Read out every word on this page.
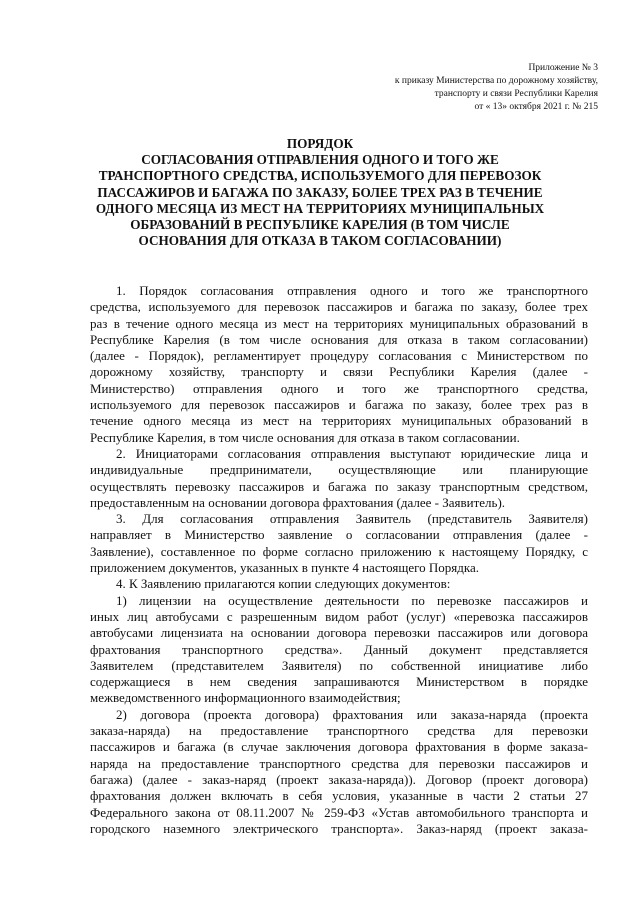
Приложение № 3
к приказу Министерства по дорожному хозяйству,
транспорту и связи Республики Карелия
от « 13» октября 2021 г. № 215
ПОРЯДОК
СОГЛАСОВАНИЯ ОТПРАВЛЕНИЯ ОДНОГО И ТОГО ЖЕ
ТРАНСПОРТНОГО СРЕДСТВА, ИСПОЛЬЗУЕМОГО ДЛЯ ПЕРЕВОЗОК
ПАССАЖИРОВ И БАГАЖА ПО ЗАКАЗУ, БОЛЕЕ ТРЕХ РАЗ В ТЕЧЕНИЕ
ОДНОГО МЕСЯЦА ИЗ МЕСТ НА ТЕРРИТОРИЯХ МУНИЦИПАЛЬНЫХ
ОБРАЗОВАНИЙ В РЕСПУБЛИКЕ КАРЕЛИЯ (В ТОМ ЧИСЛЕ
ОСНОВАНИЯ ДЛЯ ОТКАЗА В ТАКОМ СОГЛАСОВАНИИ)
1. Порядок согласования отправления одного и того же транспортного
средства, используемого для перевозок пассажиров и багажа по заказу, более трех
раз в течение одного месяца из мест на территориях муниципальных образований в
Республике Карелия (в том числе основания для отказа в таком согласовании)
(далее - Порядок), регламентирует процедуру согласования с Министерством по
дорожному хозяйству, транспорту и связи Республики Карелия (далее -
Министерство) отправления одного и того же транспортного средства,
используемого для перевозок пассажиров и багажа по заказу, более трех раз в
течение одного месяца из мест на территориях муниципальных образований в
Республике Карелия, в том числе основания для отказа в таком согласовании.
2. Инициаторами согласования отправления выступают юридические лица и
индивидуальные предприниматели, осуществляющие или планирующие
осуществлять перевозку пассажиров и багажа по заказу транспортным средством,
предоставленным на основании договора фрахтования (далее - Заявитель).
3. Для согласования отправления Заявитель (представитель Заявителя)
направляет в Министерство заявление о согласовании отправления (далее -
Заявление), составленное по форме согласно приложению к настоящему Порядку, с
приложением документов, указанных в пункте 4 настоящего Порядка.
4. К Заявлению прилагаются копии следующих документов:
1) лицензии на осуществление деятельности по перевозке пассажиров и
иных лиц автобусами с разрешенным видом работ (услуг) «перевозка пассажиров
автобусами лицензиата на основании договора перевозки пассажиров или договора
фрахтования транспортного средства». Данный документ представляется
Заявителем (представителем Заявителя) по собственной инициативе либо
содержащиеся в нем сведения запрашиваются Министерством в порядке
межведомственного информационного взаимодействия;
2) договора (проекта договора) фрахтования или заказа-наряда (проекта
заказа-наряда) на предоставление транспортного средства для перевозки
пассажиров и багажа (в случае заключения договора фрахтования в форме заказа-
наряда на предоставление транспортного средства для перевозки пассажиров и
багажа) (далее - заказ-наряд (проект заказа-наряда)). Договор (проект договора)
фрахтования должен включать в себя условия, указанные в части 2 статьи 27
Федерального закона от 08.11.2007 № 259-ФЗ «Устав автомобильного транспорта и
городского наземного электрического транспорта». Заказ-наряд (проект заказа-
